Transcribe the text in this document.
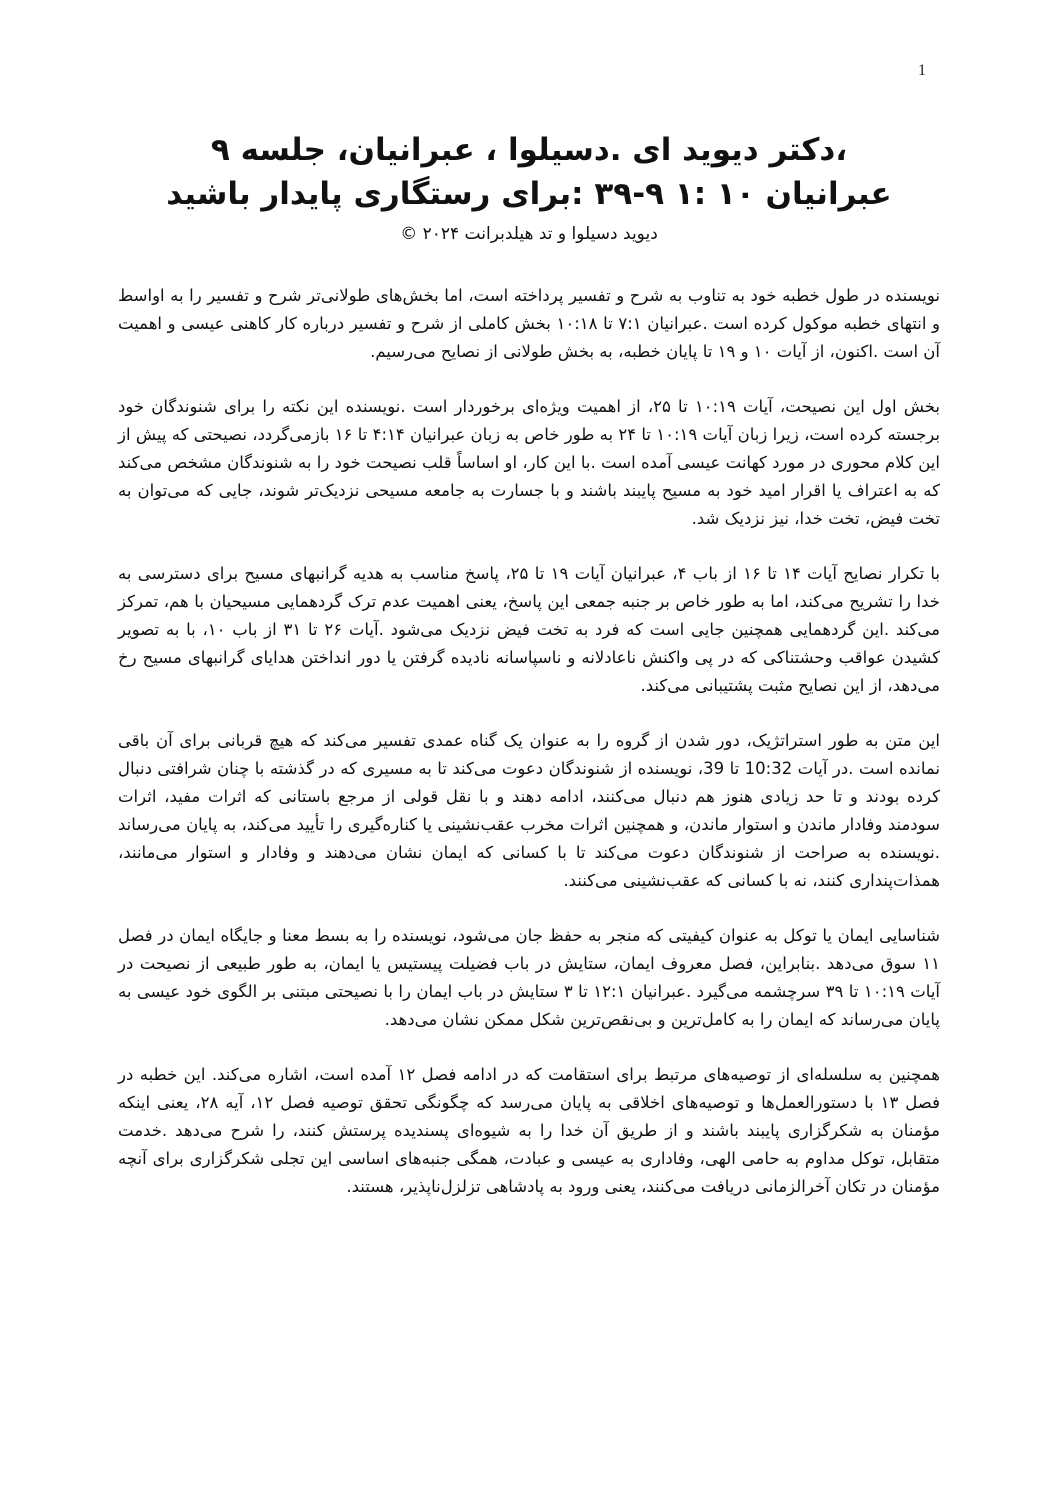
1

،دکتر دیوید ای .دسیلوا ، عبرانیان، جلسه ۹

عبرانیان ۱۰ :۱ ۹-۳۹ :برای رستگاری پایدار باشید

دیوید دسیلوا و تد هیلدبرانت ۲۰۲۴ ©

نویسنده در طول خطبه خود به تناوب به شرح و تفسیر پرداخته است، اما بخش‌های طولانی‌تر شرح و تفسیر را به اواسط و انتهای خطبه موکول کرده است .عبرانیان ۷:۱ تا ۱۰:۱۸ بخش کاملی از شرح و تفسیر درباره کار کاهنی عیسی و اهمیت آن است .اکنون، از آیات ۱۰ و ۱۹ تا پایان خطبه، به بخش طولانی از نصایح می‌رسیم.

بخش اول این نصیحت، آیات ۱۰:۱۹ تا ۲۵، از اهمیت ویژه‌ای برخوردار است .نویسنده این نکته را برای شنوندگان خود برجسته کرده است، زیرا زبان آیات ۱۰:۱۹ تا ۲۴ به طور خاص به زبان عبرانیان ۴:۱۴ تا ۱۶ بازمی‌گردد، نصیحتی که پیش از این کلام محوری در مورد کهانت عیسی آمده است .با این کار، او اساساً قلب نصیحت خود را به شنوندگان مشخص می‌کند که به اعتراف یا اقرار امید خود به مسیح پایبند باشند و با جسارت به جامعه مسیحی نزدیک‌تر شوند، جایی که می‌توان به تخت فیض، تخت خدا، نیز نزدیک شد.

با تکرار نصایح آیات ۱۴ تا ۱۶ از باب ۴، عبرانیان آیات ۱۹ تا ۲۵، پاسخ مناسب به هدیه گرانبهای مسیح برای دسترسی به خدا را تشریح می‌کند، اما به طور خاص بر جنبه جمعی این پاسخ، یعنی اهمیت عدم ترک گردهمایی مسیحیان با هم، تمرکز می‌کند .این گردهمایی همچنین جایی است که فرد به تخت فیض نزدیک می‌شود .آیات ۲۶ تا ۳۱ از باب ۱۰، با به تصویر کشیدن عواقب وحشتناکی که در پی واکنش ناعادلانه و ناسپاسانه نادیده گرفتن یا دور انداختن هدایای گرانبهای مسیح رخ می‌دهد، از این نصایح مثبت پشتیبانی می‌کند.

این متن به طور استراتژیک، دور شدن از گروه را به عنوان یک گناه عمدی تفسیر می‌کند که هیچ قربانی برای آن باقی نمانده است .در آیات 10:32 تا 39، نویسنده از شنوندگان دعوت می‌کند تا به مسیری که در گذشته با چنان شرافتی دنبال کرده بودند و تا حد زیادی هنوز هم دنبال می‌کنند، ادامه دهند و با نقل قولی از مرجع باستانی که اثرات مفید، اثرات سودمند وفادار ماندن و استوار ماندن، و همچنین اثرات مخرب عقب‌نشینی یا کناره‌گیری را تأیید می‌کند، به پایان می‌رساند .نویسنده به صراحت از شنوندگان دعوت می‌کند تا با کسانی که ایمان نشان می‌دهند و وفادار و استوار می‌مانند، همذات‌پنداری کنند، نه با کسانی که عقب‌نشینی می‌کنند.

شناسایی ایمان یا توکل به عنوان کیفیتی که منجر به حفظ جان می‌شود، نویسنده را به بسط معنا و جایگاه ایمان در فصل ۱۱ سوق می‌دهد .بنابراین، فصل معروف ایمان، ستایش در باب فضیلت پیستیس یا ایمان، به طور طبیعی از نصیحت در آیات ۱۰:۱۹ تا ۳۹ سرچشمه می‌گیرد .عبرانیان ۱۲:۱ تا ۳ ستایش در باب ایمان را با نصیحتی مبتنی بر الگوی خود عیسی به پایان می‌رساند که ایمان را به کامل‌ترین و بی‌نقص‌ترین شکل ممکن نشان می‌دهد.

همچنین به سلسله‌ای از توصیه‌های مرتبط برای استقامت که در ادامه فصل ۱۲ آمده است، اشاره می‌کند. این خطبه در فصل ۱۳ با دستورالعمل‌ها و توصیه‌های اخلاقی به پایان می‌رسد که چگونگی تحقق توصیه فصل ۱۲، آیه ۲۸، یعنی اینکه مؤمنان به شکرگزاری پایبند باشند و از طریق آن خدا را به شیوه‌ای پسندیده پرستش کنند، را شرح می‌دهد .خدمت متقابل، توکل مداوم به حامی الهی، وفاداری به عیسی و عبادت، همگی جنبه‌های اساسی این تجلی شکرگزاری برای آنچه مؤمنان در تکان آخرالزمانی دریافت می‌کنند، یعنی ورود به پادشاهی تزلزل‌ناپذیر، هستند.
